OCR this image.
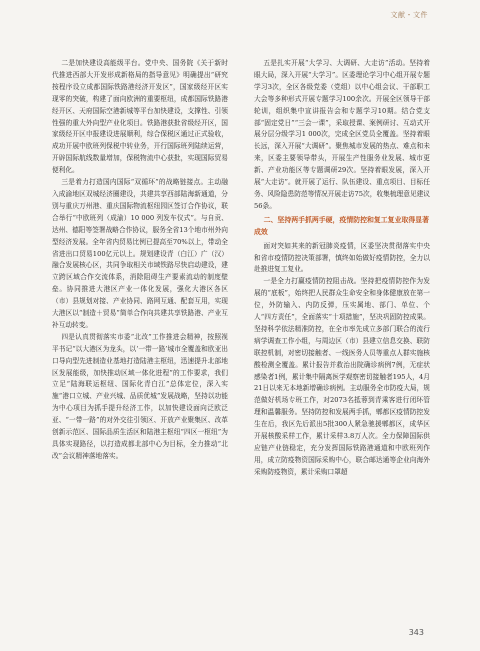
文献・文件

二是加快建设高能级平台。党中央、国务院《关于新时代推进西部大开发形成新格局的指导意见》明确提出“研究按程序设立成都国际铁路港经济开发区”，国家级经开区实现零的突破，构建了面向欧洲的重要枢纽，成都国际铁路港经开区、天府国际空港新城等平台加快建设，支撑性、引领性强的重大外向型产业化项目。铁路港获批省级经开区，国家级经开区申报建设进展顺利，综合保税区通过正式验收，成功开展中欧班列保税中转业务，开行国际班列陆续运营，开辟国际航线数量增加，保税物流中心获批，实现国际贸易便利化。

三是着力打造国内国际“双循环”的战略链接点。主动融入成渝地区双城经济圈建设，共建共享西部陆海新通道，分别与重庆万州港、重庆国际物流枢纽园区签订合作协议，联合举行“中欧班列（成渝）10 000 列发车仪式”。与自贡、达州、德阳等签署战略合作协议，服务全省13个地市州外向型经济发展。全年省内贸易比例已提高至70%以上，带动全省进出口贸易100亿元以上。规划建设青（白江）广（汉）融合发展核心区，共同争取相关市域铁路尽快启动建设，建立跨区域合作交流体系，消除阻碍生产要素流动的制度壁垒。协同推进大港区产业一体化发展，强化大港区各区（市）县规划对接、产业协同、路网互通、配套互用，实现大港区以“制造＋贸易”简单合作向共建共享铁路港、产业互补互动转变。

四是认真贯彻落实市委“北改”工作推进会精神，按照视平书记“以大港区为龙头，以‘一带一路’城市全覆盖和欧亚出口导向型先进制造业基地打造陆港主枢纽，迅速提升北部地区发展能级，加快推动区域一体化进程”的工作要求，我们立足“陆海联运枢纽、国际化青白江”总体定位，深入实施“港口立城、产业兴城、品质优城”发展战略，坚持以功能为中心项目为抓手提升经济工作，以加快建设面向泛欧泛亚、“一带一路”的对外交往引领区、开放产业聚集区、改革创新示范区、国际品质生活区和陆港主枢纽“四区一枢纽”为具体实现路径，以打造成都北部中心为目标，全力推动“北改”会议精神落地落实。

五是扎实开展“大学习、大调研、大走访”活动。坚持着眼大局，深入开展“大学习”。区委理论学习中心组开展专题学习3次，全区各级党委（党组）以中心组会议、干部职工大会等多种形式开展专题学习100余次。开展全区领导干部轮训，组织集中宣讲报告会和专题学习10期。结合党支部“固定党日”“三会一课”，采取授课、案例研讨、互动式开展分层分级学习1 000次，完成全区党员全覆盖。坚持着眼长远，深入开展“大调研”。聚焦城市发展的热点、难点和未来，区委主要领导带头，开展生产性服务业发展、城市更新、产业功能区等专题调研29次。坚持着眼发展，深入开展“大走访”。就开展了运行、队伍建设、重点项目、目标任务、风险隐患防范等情况开展走访75次，收集梳理意见建议56条。

二、坚持两手抓两手硬，疫情防控和复工复业取得显著成效

面对突如其来的新冠肺炎疫情，区委坚决贯彻落实中央和省市疫情防控决策部署，慎终如始做好疫情防控，全力以赴推进复工复业。

一是全力打赢疫情防控阻击战。坚持把疫情防控作为发展的“底板”，始终把人民群众生命安全和身体健康放在第一位，外防输入、内防反弹，压实属地、部门、单位、个人“四方责任”，全面落实“十项措施”，坚决巩固防控成果。坚持科学依法精准防控，在全市率先成立多部门联合的流行病学调查工作小组，与周边区（市）县建立信息交换、联防联控机制，对密切接触者、一线医务人员等重点人群实施核酸检测全覆盖。累计报告并救治出院确诊病例7例，无症状感染者1例，累计集中隔离医学观察密切接触者195人，4月21日以来无本地新增确诊病例。主动服务全市防疫大局，规范做好机场专班工作，对2073名抵蓉到青乘客进行闭环管理和温馨服务。坚持防控和发展两手抓，郫都区疫情防控发生在后，我区先后派出5批300人紧急驰援郫都区，成华区开展核酸采样工作，累计采样3.8万人次。全力保障国际供应链产业链稳定，充分发挥国际铁路港通道和中欧班列作用，成立防疫物资国际采购中心，联合邮达通等企业向海外采购防疫物资，累计采购口罩超

343
